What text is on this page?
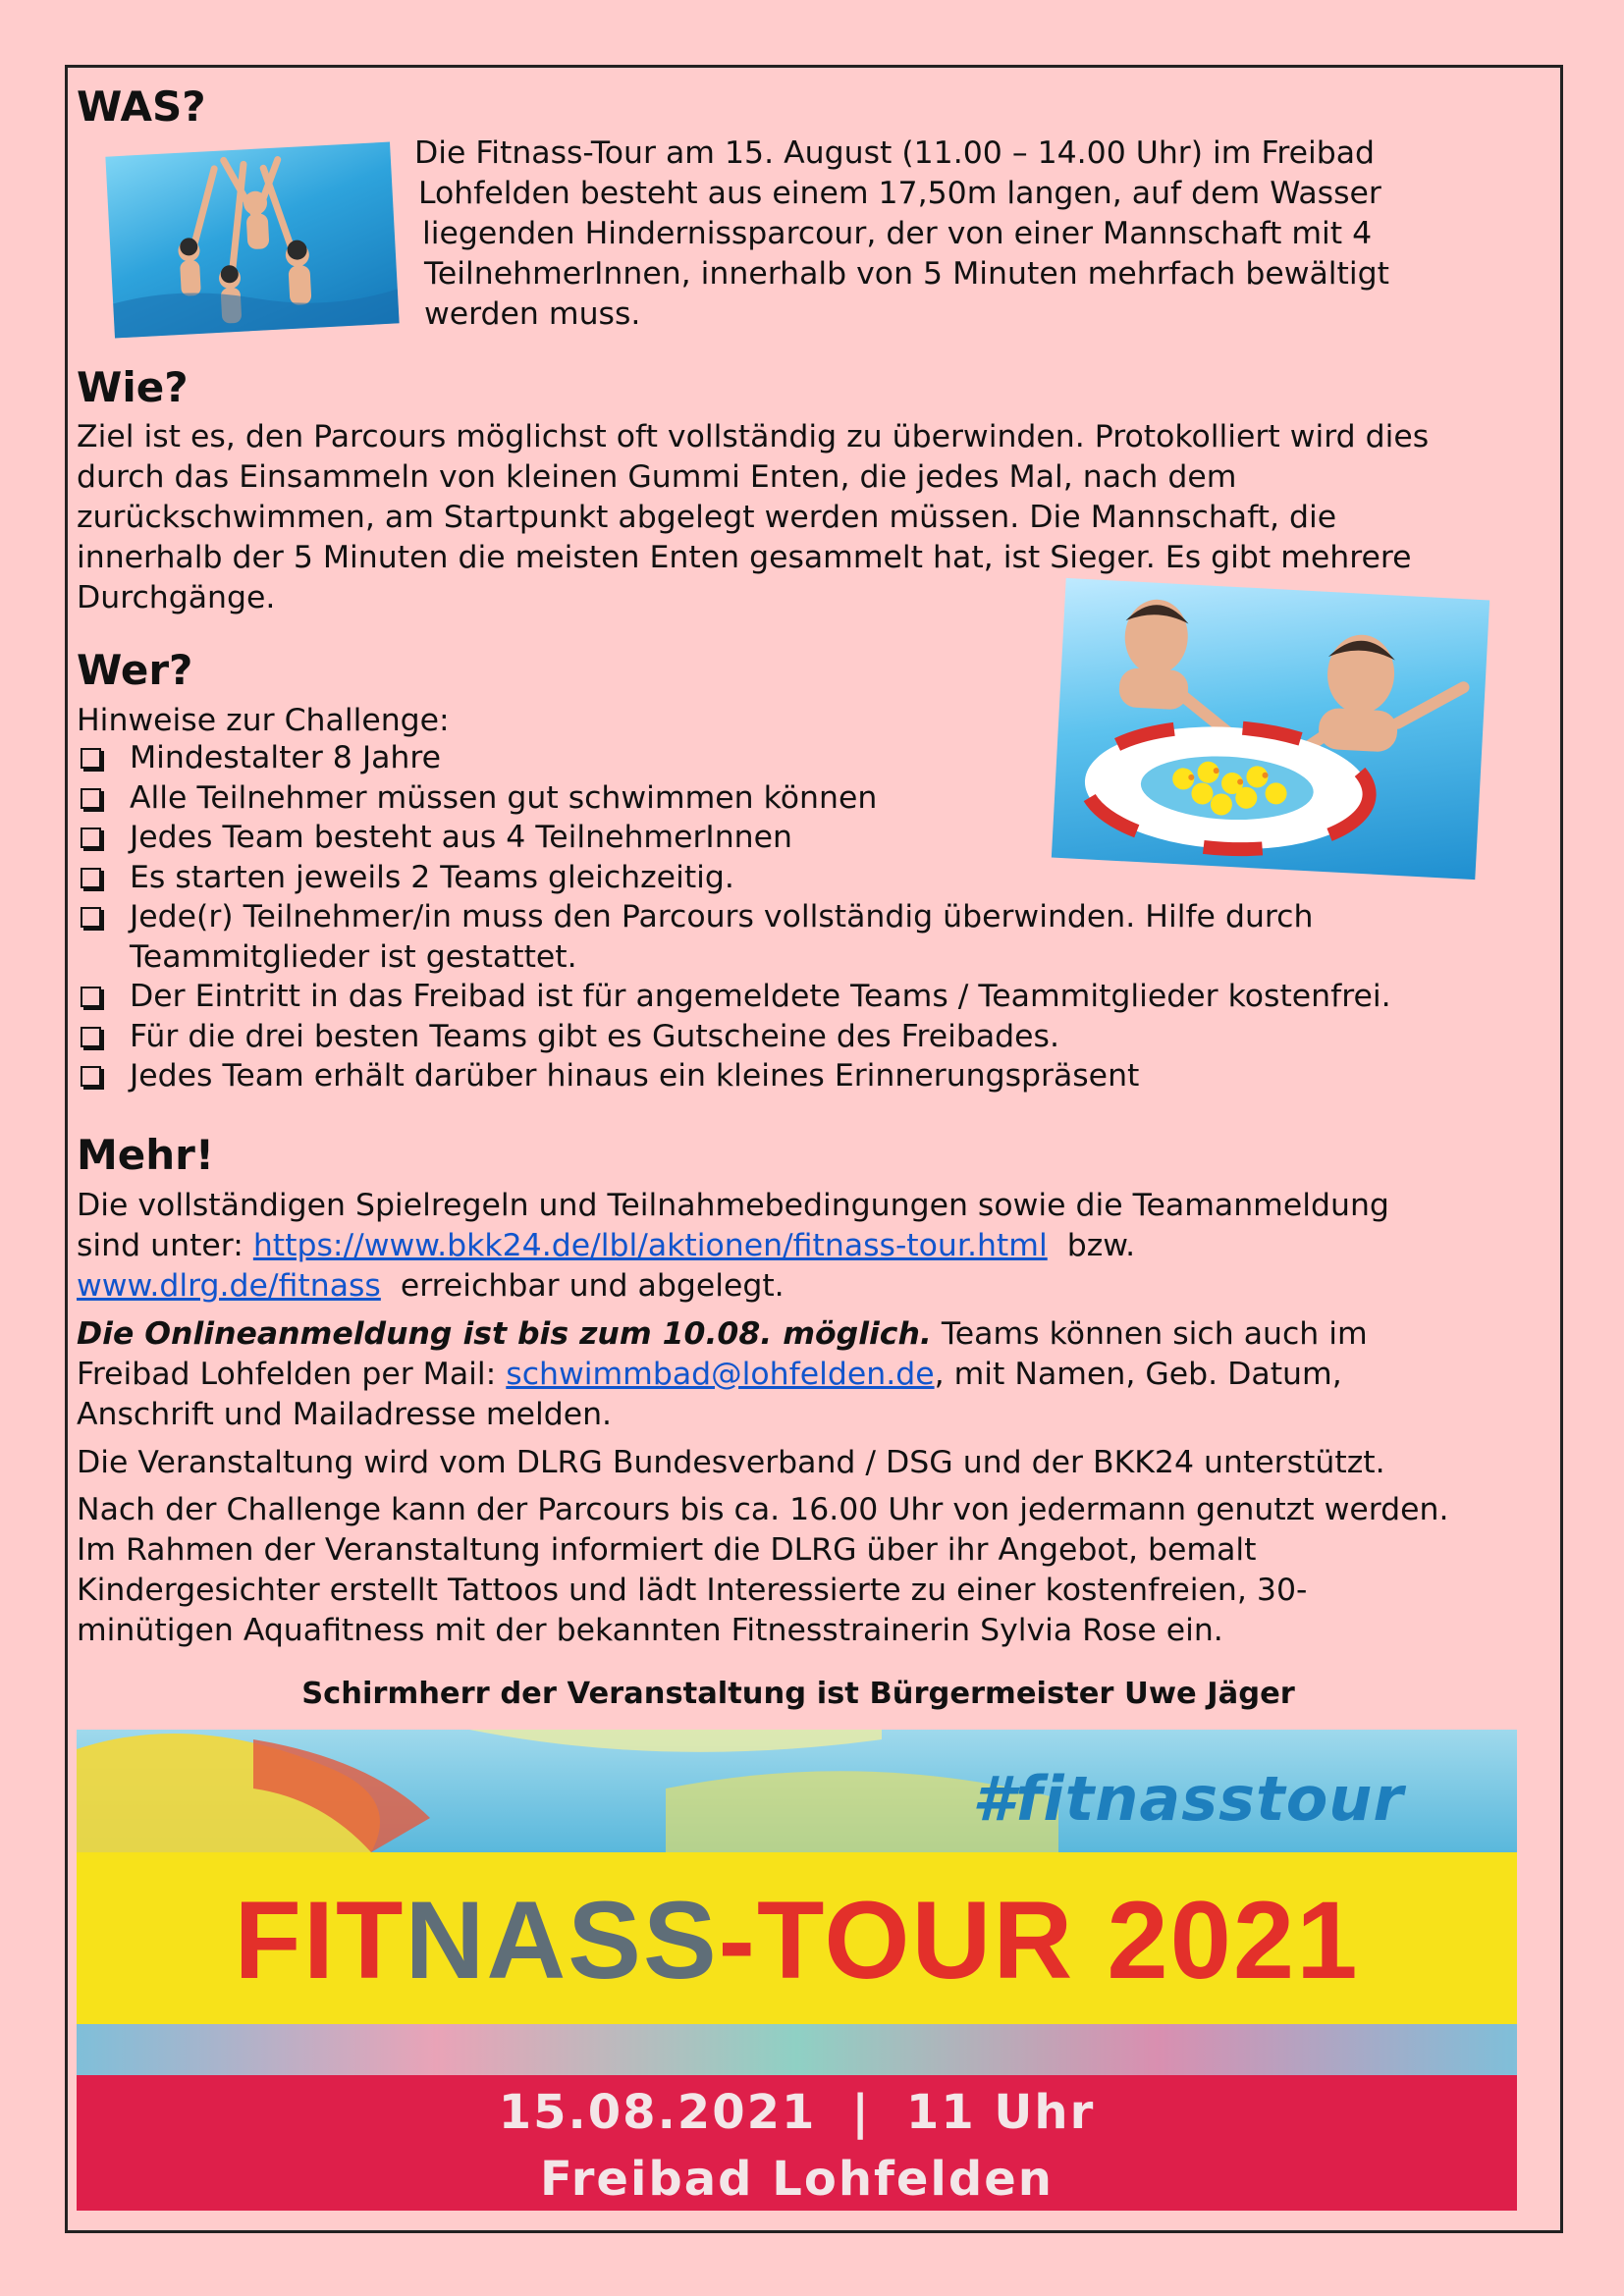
WAS?
Die Fitnass-Tour am 15. August (11.00 – 14.00 Uhr) im Freibad
Lohfelden besteht aus einem 17,50m langen, auf dem Wasser
liegenden Hindernissparcour, der von einer Mannschaft mit 4
TeilnehmerInnen, innerhalb von 5 Minuten mehrfach bewältigt
werden muss.
Wie?
Ziel ist es, den Parcours möglichst oft vollständig zu überwinden. Protokolliert wird dies
durch das Einsammeln von kleinen Gummi Enten, die jedes Mal, nach dem
zurückschwimmen, am Startpunkt abgelegt werden müssen. Die Mannschaft, die
innerhalb der 5 Minuten die meisten Enten gesammelt hat, ist Sieger. Es gibt mehrere
Durchgänge.
Wer?
Hinweise zur Challenge:
Mindestalter 8 Jahre
Alle Teilnehmer müssen gut schwimmen können
Jedes Team besteht aus 4 TeilnehmerInnen
Es starten jeweils 2 Teams gleichzeitig.
Jede(r) Teilnehmer/in muss den Parcours vollständig überwinden. Hilfe durch Teammitglieder ist gestattet.
Der Eintritt in das Freibad ist für angemeldete Teams / Teammitglieder kostenfrei.
Für die drei besten Teams gibt es Gutscheine des Freibades.
Jedes Team erhält darüber hinaus ein kleines Erinnerungspräsent
Mehr!
Die vollständigen Spielregeln und Teilnahmebedingungen sowie die Teamanmeldung
sind unter: https://www.bkk24.de/lbl/aktionen/fitnass-tour.html bzw.
www.dlrg.de/fitnass erreichbar und abgelegt.
Die Onlineanmeldung ist bis zum 10.08. möglich. Teams können sich auch im
Freibad Lohfelden per Mail: schwimmbad@lohfelden.de, mit Namen, Geb. Datum,
Anschrift und Mailadresse melden.
Die Veranstaltung wird vom DLRG Bundesverband / DSG und der BKK24 unterstützt.
Nach der Challenge kann der Parcours bis ca. 16.00 Uhr von jedermann genutzt werden.
Im Rahmen der Veranstaltung informiert die DLRG über ihr Angebot, bemalt
Kindergesichter erstellt Tattoos und lädt Interessierte zu einer kostenfreien, 30-
minütigen Aquafitness mit der bekannten Fitnesstrainerin Sylvia Rose ein.
Schirmherr der Veranstaltung ist Bürgermeister Uwe Jäger
#fitnasstour
FITNASS-TOUR 2021
15.08.2021 | 11 Uhr
Freibad Lohfelden
